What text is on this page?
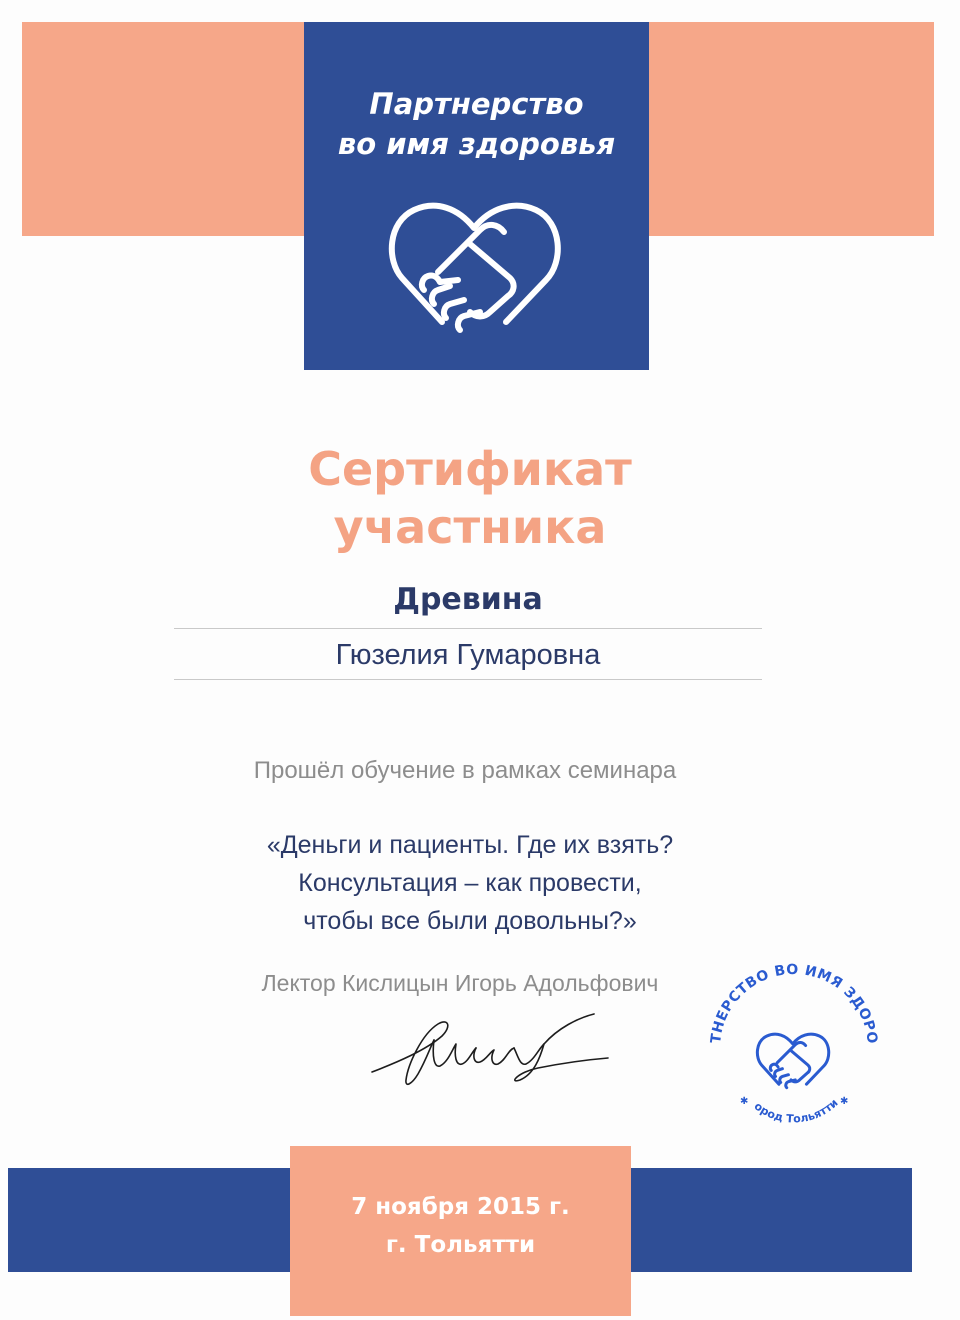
Партнерство
во имя здоровья
Сертификат
участника
Древина
Гюзелия Гумаровна
Прошёл обучение в рамках семинара
«Деньги и пациенты. Где их взять?
Консультация – как провести,
чтобы все были довольны?»
Лектор Кислицын Игорь Адольфович
ТНЕРСТВО ВО ИМЯ ЗДОРО
ород Тольятти
✱	✱
7 ноября 2015 г.
г. Тольятти
